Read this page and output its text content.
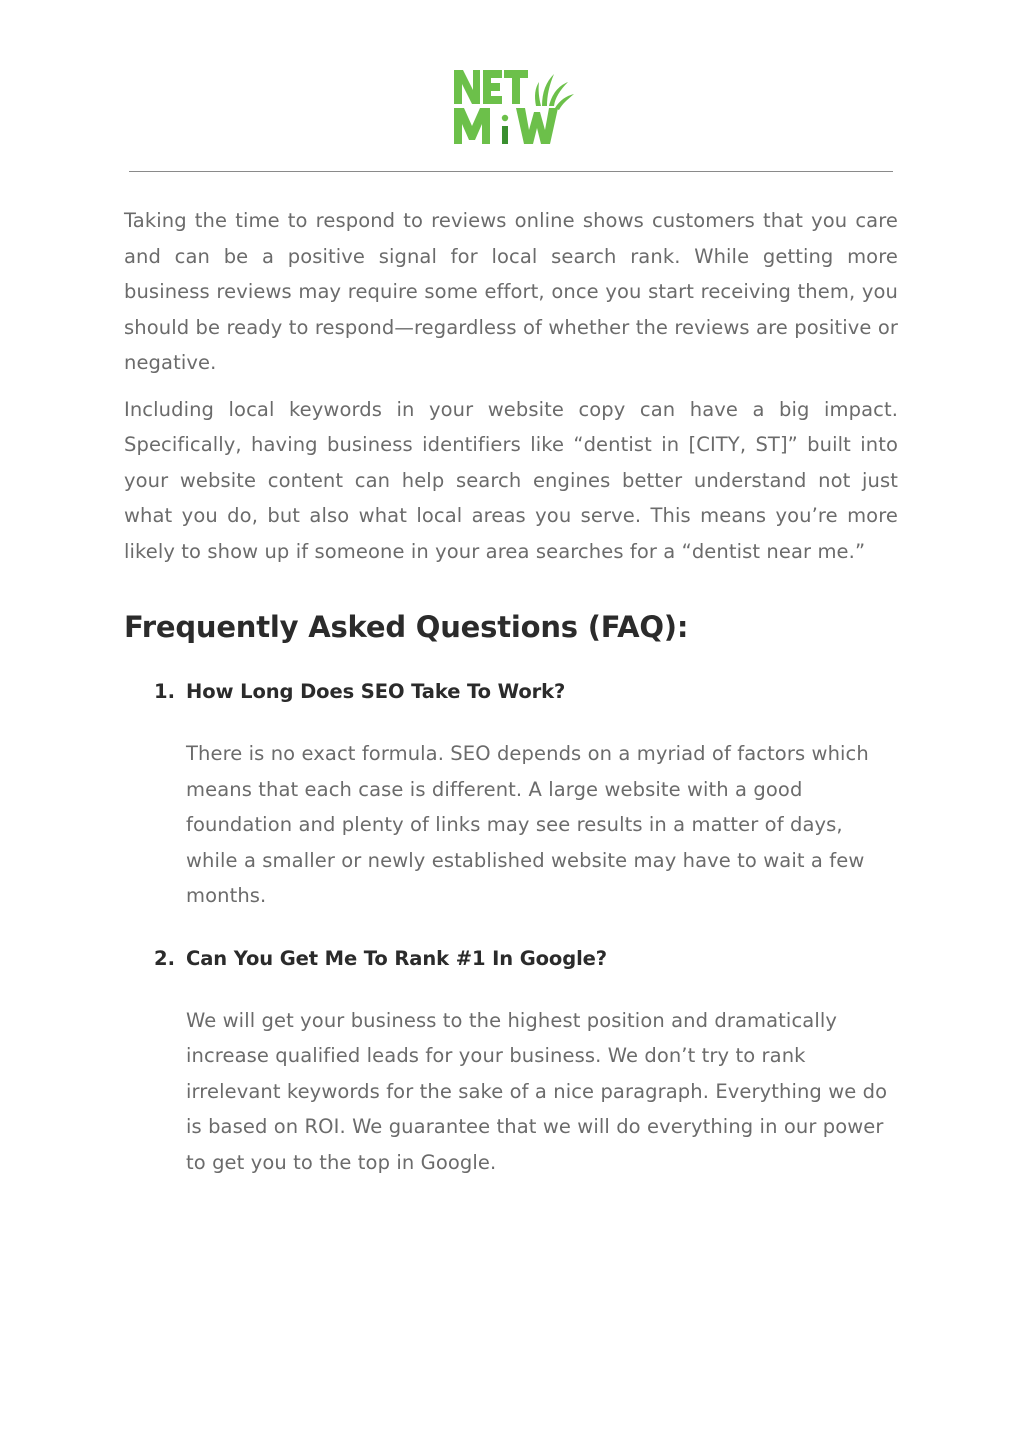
Taking the time to respond to reviews online shows customers that you care and can be a positive signal for local search rank. While getting more business reviews may require some effort, once you start receiving them, you should be ready to respond—regardless of whether the reviews are positive or negative.

Including local keywords in your website copy can have a big impact. Specifically, having business identifiers like “dentist in [CITY, ST]” built into your website content can help search engines better understand not just what you do, but also what local areas you serve. This means you’re more likely to show up if someone in your area searches for a “dentist near me.”

Frequently Asked Questions (FAQ):
1. How Long Does SEO Take To Work?

There is no exact formula. SEO depends on a myriad of factors which means that each case is different. A large website with a good foundation and plenty of links may see results in a matter of days, while a smaller or newly established website may have to wait a few months.

2. Can You Get Me To Rank #1 In Google?

We will get your business to the highest position and dramatically increase qualified leads for your business. We don’t try to rank irrelevant keywords for the sake of a nice paragraph. Everything we do is based on ROI. We guarantee that we will do everything in our power to get you to the top in Google.
